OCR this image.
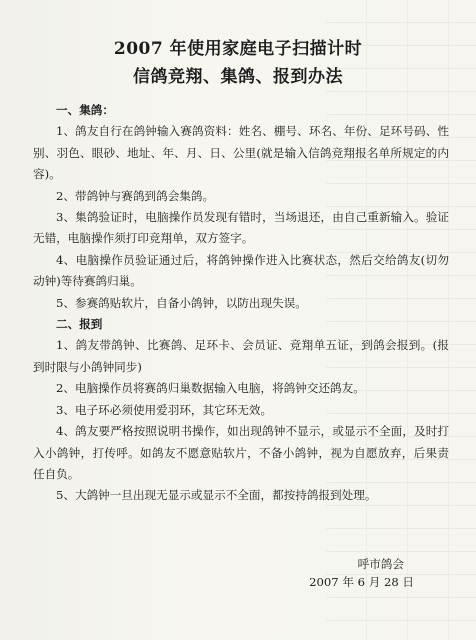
2007 年使用家庭电子扫描计时
信鸽竞翔、集鸽、报到办法

一、集鸽：

1、鸽友自行在鸽钟输入赛鸽资料：姓名、棚号、环名、年份、足环号码、性别、羽色、眼砂、地址、年、月、日、公里(就是输入信鸽竞翔报名单所规定的内容)。

2、带鸽钟与赛鸽到鸽会集鸽。

3、集鸽验证时，电脑操作员发现有错时，当场退还，由自己重新输入。验证无错，电脑操作须打印竞翔单，双方签字。

4、电脑操作员验证通过后，将鸽钟操作进入比赛状态，然后交给鸽友(切勿动钟)等待赛鸽归巢。

5、参赛鸽贴软片，自备小鸽钟，以防出现失误。

二、报到

1、鸽友带鸽钟、比赛鸽、足环卡、会员证、竞翔单五证，到鸽会报到。(报到时限与小鸽钟同步)

2、电脑操作员将赛鸽归巢数据输入电脑，将鸽钟交还鸽友。

3、电子环必须使用爱羽环，其它环无效。

4、鸽友要严格按照说明书操作，如出现鸽钟不显示，或显示不全面，及时打入小鸽钟，打传呼。如鸽友不愿意贴软片，不备小鸽钟，视为自愿放弃，后果责任自负。

5、大鸽钟一旦出现无显示或显示不全面，都按持鸽报到处理。

呼市鸽会
2007 年 6 月 28 日
